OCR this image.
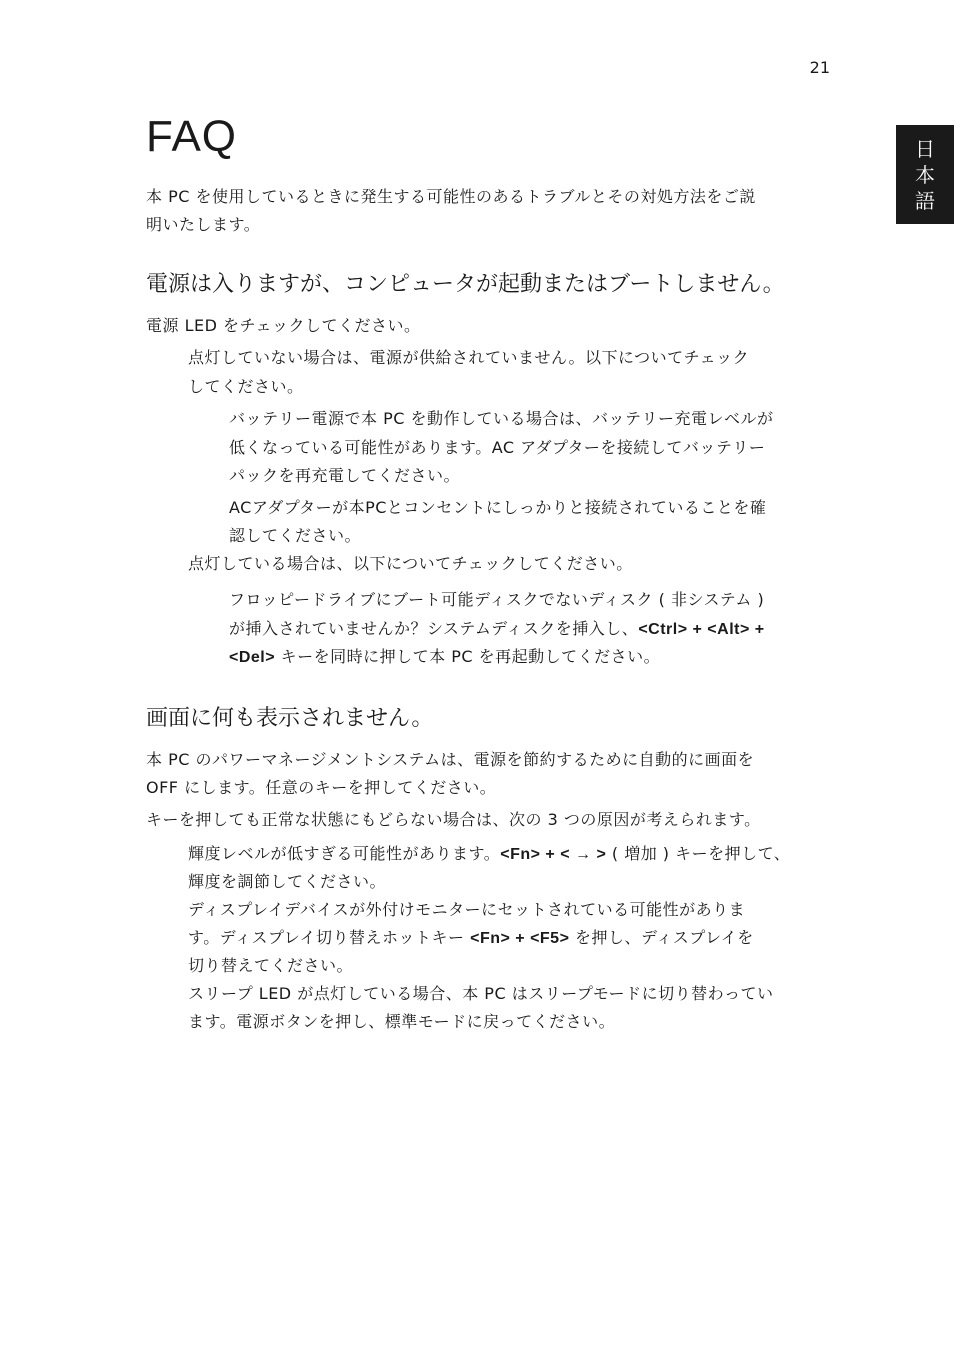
21
日
本
語
FAQ

本 PC を使用しているときに発生する可能性のあるトラブルとその対処方法をご説

明いたします。

電源は入りますが、コンピュータが起動またはブートしません。

電源 LED をチェックしてください。

点灯していない場合は、電源が供給されていません。以下についてチェック

してください。

バッテリー電源で本 PC を動作している場合は、バッテリー充電レベルが

低くなっている可能性があります。AC アダプターを接続してバッテリー

パックを再充電してください。

ACアダプターが本PCとコンセントにしっかりと接続されていることを確

認してください。

点灯している場合は、以下についてチェックしてください。

フロッピードライブにブート可能ディスクでないディスク ( 非システム )

が挿入されていませんか？システムディスクを挿入し、<Ctrl> + <Alt> +

<Del> キーを同時に押して本 PC を再起動してください。

画面に何も表示されません。

本 PC のパワーマネージメントシステムは、電源を節約するために自動的に画面を

OFF にします。任意のキーを押してください。

キーを押しても正常な状態にもどらない場合は、次の 3 つの原因が考えられます。

輝度レベルが低すぎる可能性があります。<Fn> + < → > ( 増加 ) キーを押して、

輝度を調節してください。

ディスプレイデバイスが外付けモニターにセットされている可能性がありま

す。ディスプレイ切り替えホットキー <Fn> + <F5> を押し、ディスプレイを

切り替えてください。

スリープ LED が点灯している場合、本 PC はスリープモードに切り替わってい

ます。電源ボタンを押し、標準モードに戻ってください。
